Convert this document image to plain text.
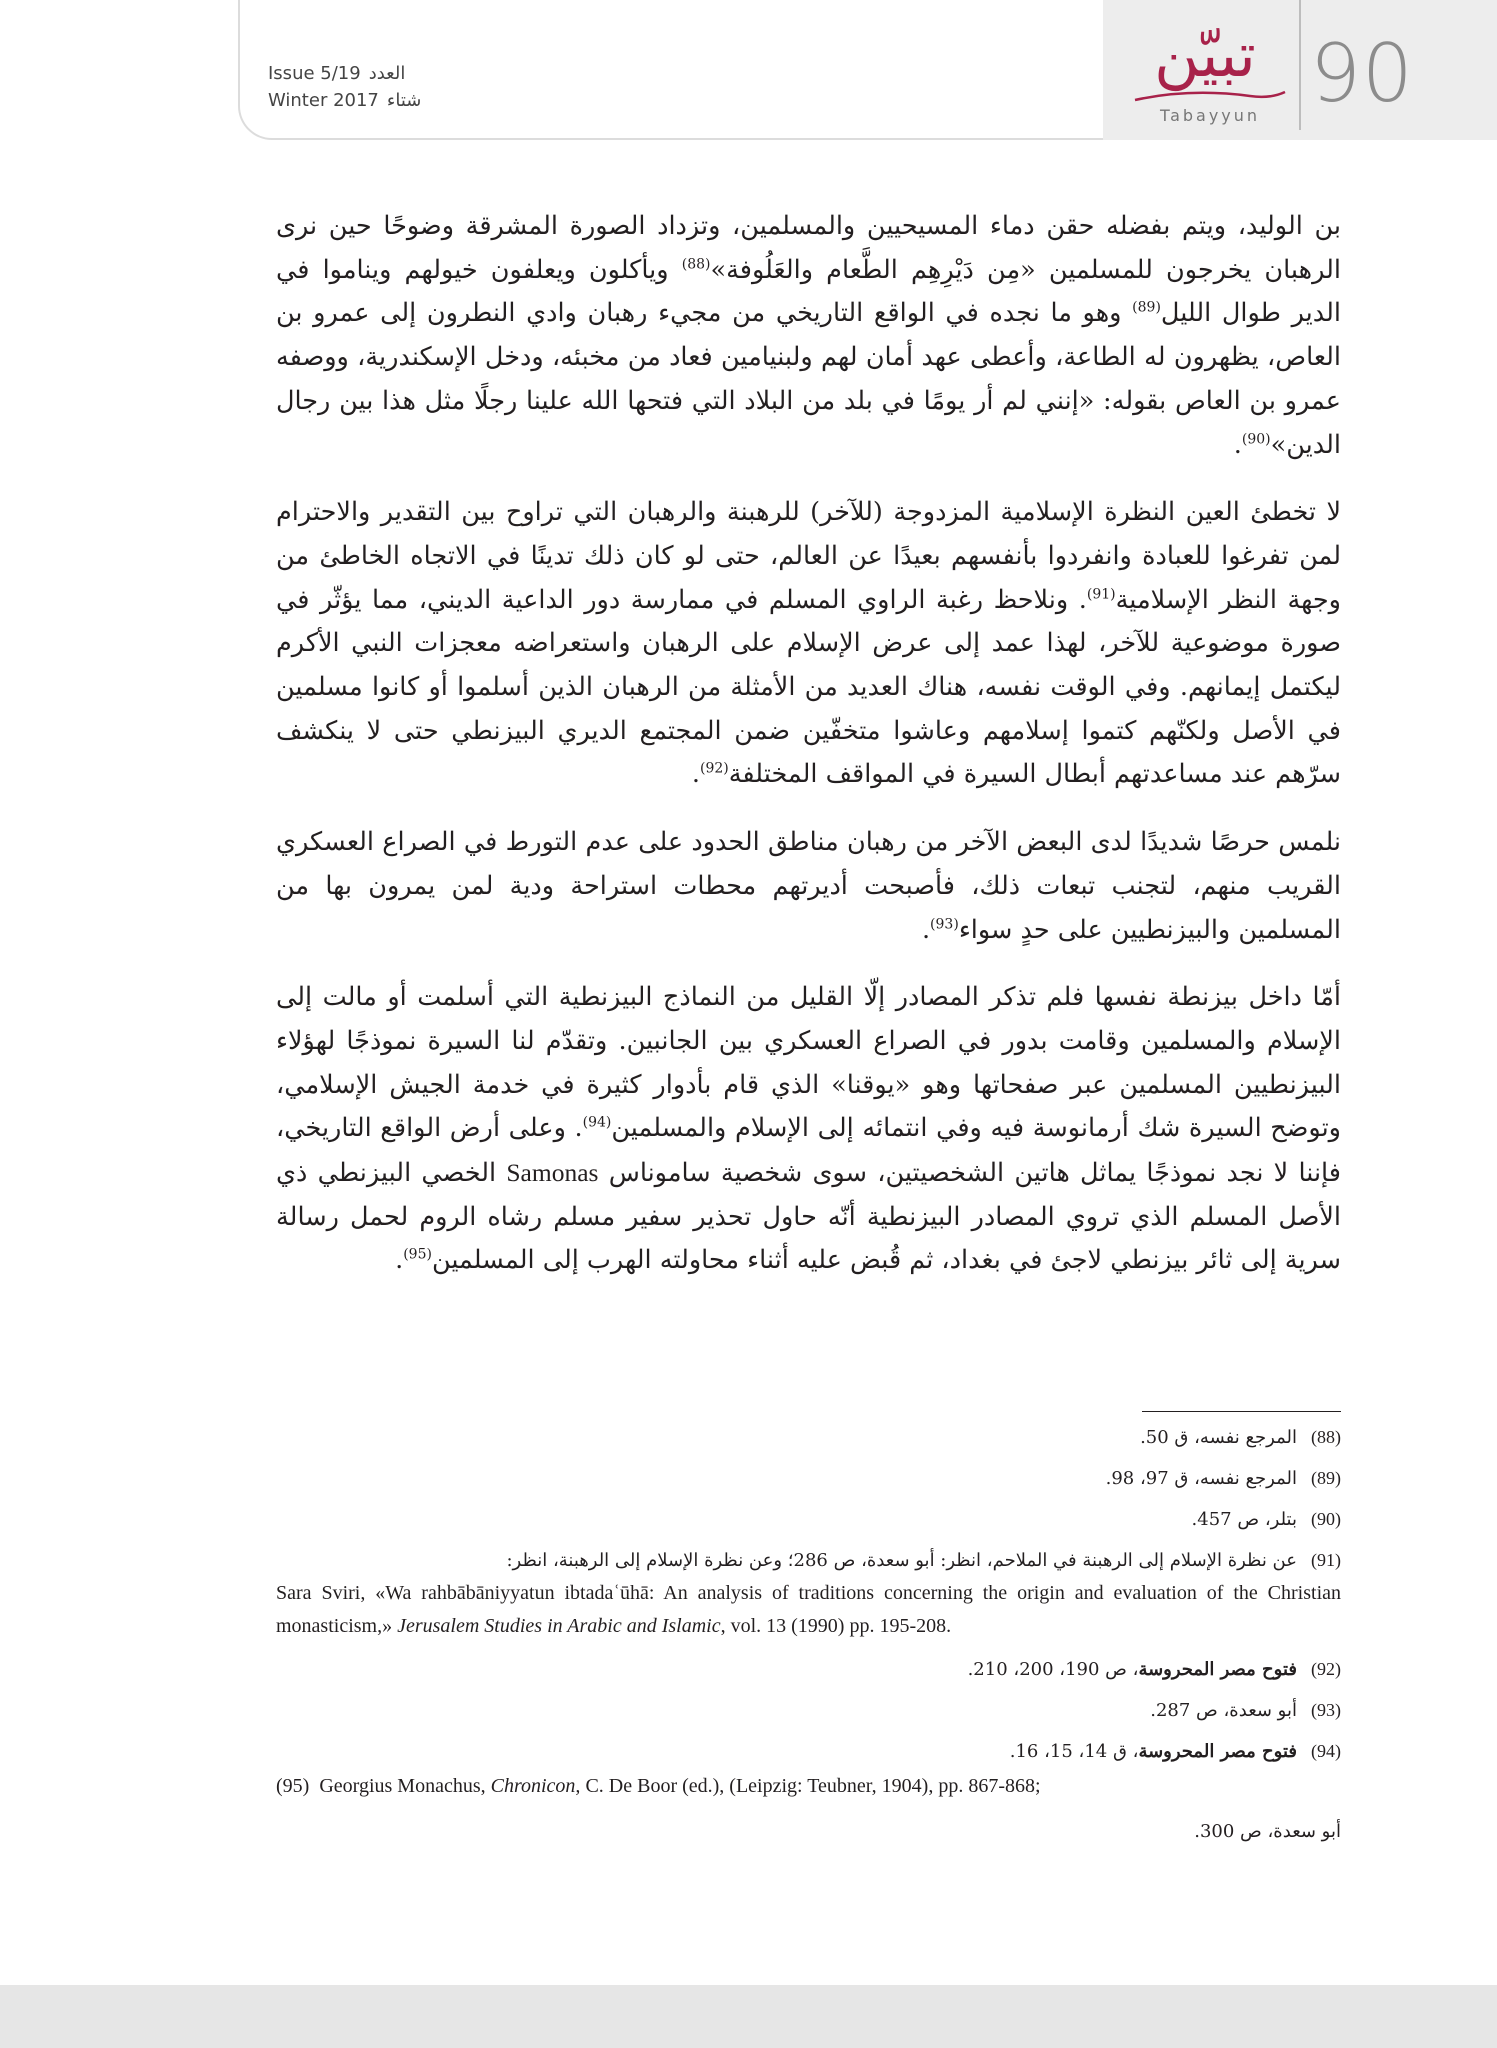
90
تبيّن
Tabayyun
Issue 5/19 العدد
Winter 2017 شتاء

بن الوليد، ويتم بفضله حقن دماء المسيحيين والمسلمين، وتزداد الصورة المشرقة وضوحًا حين نرى الرهبان يخرجون للمسلمين «مِن دَيْرِهِم الطَّعام والعَلُوفة»$^{(88)}$ ويأكلون ويعلفون خيولهم ويناموا في الدير طوال الليل$^{(89)}$ وهو ما نجده في الواقع التاريخي من مجيء رهبان وادي النطرون إلى عمرو بن العاص، يظهرون له الطاعة، وأعطى عهد أمان لهم ولبنيامين فعاد من مخبئه، ودخل الإسكندرية، ووصفه عمرو بن العاص بقوله: «إنني لم أر يومًا في بلد من البلاد التي فتحها الله علينا رجلًا مثل هذا بين رجال الدين»$^{(90)}$.

لا تخطئ العين النظرة الإسلامية المزدوجة (للآخر) للرهبنة والرهبان التي تراوح بين التقدير والاحترام لمن تفرغوا للعبادة وانفردوا بأنفسهم بعيدًا عن العالم، حتى لو كان ذلك تدينًا في الاتجاه الخاطئ من وجهة النظر الإسلامية$^{(91)}$. ونلاحظ رغبة الراوي المسلم في ممارسة دور الداعية الديني، مما يؤثّر في صورة موضوعية للآخر، لهذا عمد إلى عرض الإسلام على الرهبان واستعراضه معجزات النبي الأكرم ليكتمل إيمانهم. وفي الوقت نفسه، هناك العديد من الأمثلة من الرهبان الذين أسلموا أو كانوا مسلمين في الأصل ولكنّهم كتموا إسلامهم وعاشوا متخفّين ضمن المجتمع الديري البيزنطي حتى لا ينكشف سرّهم عند مساعدتهم أبطال السيرة في المواقف المختلفة$^{(92)}$.

نلمس حرصًا شديدًا لدى البعض الآخر من رهبان مناطق الحدود على عدم التورط في الصراع العسكري القريب منهم، لتجنب تبعات ذلك، فأصبحت أديرتهم محطات استراحة ودية لمن يمرون بها من المسلمين والبيزنطيين على حدٍ سواء$^{(93)}$.

أمّا داخل بيزنطة نفسها فلم تذكر المصادر إلّا القليل من النماذج البيزنطية التي أسلمت أو مالت إلى الإسلام والمسلمين وقامت بدور في الصراع العسكري بين الجانبين. وتقدّم لنا السيرة نموذجًا لهؤلاء البيزنطيين المسلمين عبر صفحاتها وهو «يوقنا» الذي قام بأدوار كثيرة في خدمة الجيش الإسلامي، وتوضح السيرة شك أرمانوسة فيه وفي انتمائه إلى الإسلام والمسلمين$^{(94)}$. وعلى أرض الواقع التاريخي، فإننا لا نجد نموذجًا يماثل هاتين الشخصيتين، سوى شخصية ساموناس Samonas الخصي البيزنطي ذي الأصل المسلم الذي تروي المصادر البيزنطية أنّه حاول تحذير سفير مسلم رشاه الروم لحمل رسالة سرية إلى ثائر بيزنطي لاجئ في بغداد، ثم قُبض عليه أثناء محاولته الهرب إلى المسلمين$^{(95)}$.

(88)المرجع نفسه، ق 50.

(89)المرجع نفسه، ق 97، 98.

(90)بتلر، ص 457.

(91)عن نظرة الإسلام إلى الرهبنة في الملاحم، انظر: أبو سعدة، ص 286؛ وعن نظرة الإسلام إلى الرهبنة، انظر:

Sara Sviri, «Wa rahbābāniyyatun ibtadaʿūhā: An analysis of traditions concerning the origin and evaluation of the Christian monasticism,» Jerusalem Studies in Arabic and Islamic, vol. 13 (1990) pp. 195-208.

(92)فتوح مصر المحروسة، ص 190، 200، 210.

(93)أبو سعدة، ص 287.

(94)فتوح مصر المحروسة، ق 14، 15، 16.

(95) Georgius Monachus, Chronicon, C. De Boor (ed.), (Leipzig: Teubner, 1904), pp. 867-868;

أبو سعدة، ص 300.
